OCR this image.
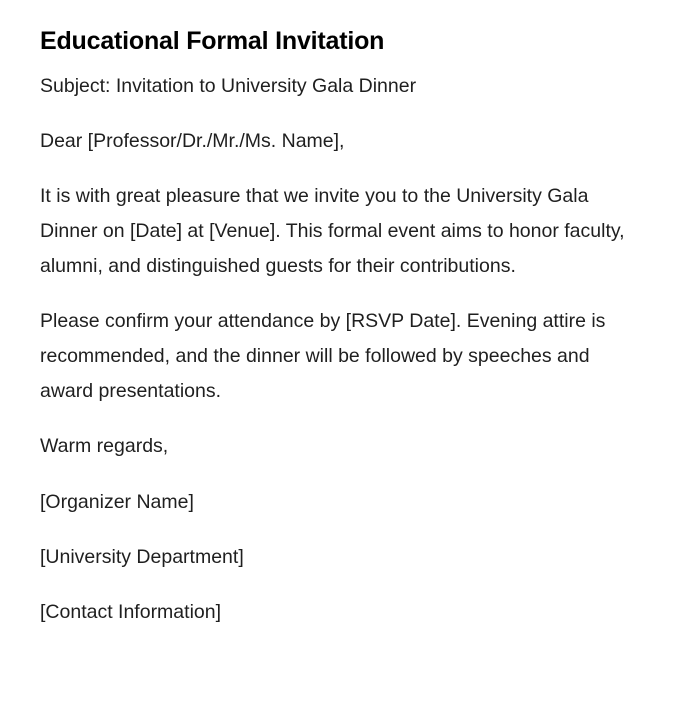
Educational Formal Invitation

Subject: Invitation to University Gala Dinner

Dear [Professor/Dr./Mr./Ms. Name],

It is with great pleasure that we invite you to the University Gala Dinner on [Date] at [Venue]. This formal event aims to honor faculty, alumni, and distinguished guests for their contributions.

Please confirm your attendance by [RSVP Date]. Evening attire is recommended, and the dinner will be followed by speeches and award presentations.

Warm regards,

[Organizer Name]

[University Department]

[Contact Information]
